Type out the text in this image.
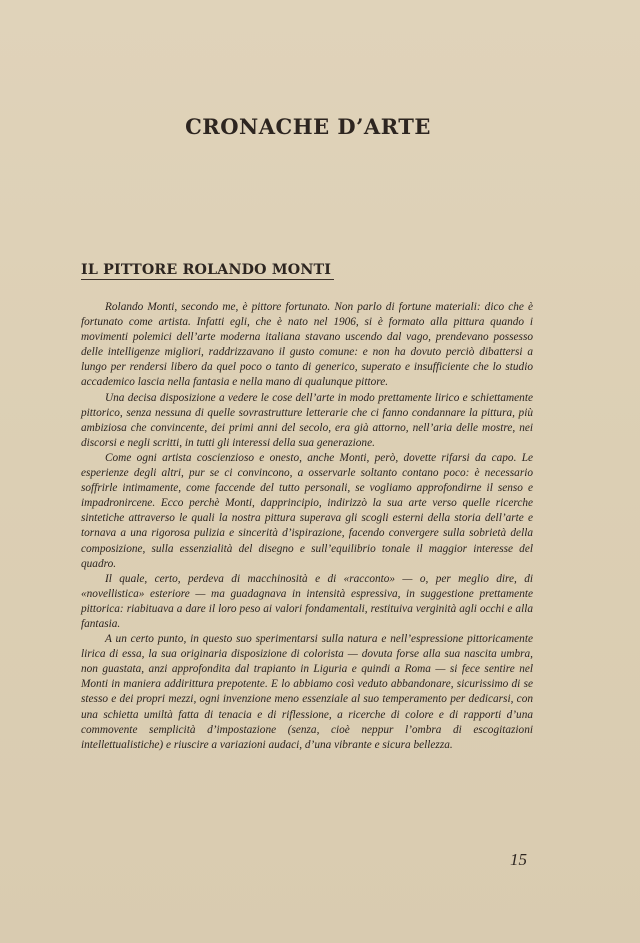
CRONACHE D’ARTE
IL PITTORE ROLANDO MONTI

Rolando Monti, secondo me, è pittore fortunato. Non parlo di fortune materiali: dico che è fortunato come artista. Infatti egli, che è nato nel 1906, si è formato alla pittura quando i movimenti polemici dell’arte moderna italiana stavano uscendo dal vago, prendevano possesso delle intelligenze migliori, raddrizzavano il gusto comune: e non ha dovuto perciò dibattersi a lungo per rendersi libero da quel poco o tanto di generico, superato e insufficiente che lo studio accademico lascia nella fantasia e nella mano di qualunque pittore.

Una decisa disposizione a vedere le cose dell’arte in modo prettamente lirico e schiettamente pittorico, senza nessuna di quelle sovrastrutture letterarie che ci fanno condannare la pittura, più ambiziosa che convincente, dei primi anni del secolo, era già attorno, nell’aria delle mostre, nei discorsi e negli scritti, in tutti gli interessi della sua generazione.

Come ogni artista coscienzioso e onesto, anche Monti, però, dovette rifarsi da capo. Le esperienze degli altri, pur se ci convincono, a osservarle soltanto contano poco: è necessario soffrirle intimamente, come faccende del tutto personali, se vogliamo approfondirne il senso e impadronircene. Ecco perchè Monti, dapprincipio, indirizzò la sua arte verso quelle ricerche sintetiche attraverso le quali la nostra pittura superava gli scogli esterni della storia dell’arte e tornava a una rigorosa pulizia e sincerità d’ispirazione, facendo convergere sulla sobrietà della composizione, sulla essenzialità del disegno e sull’equilibrio tonale il maggior interesse del quadro.

Il quale, certo, perdeva di macchinosità e di «racconto» — o, per meglio dire, di «novellistica» esteriore — ma guadagnava in intensità espressiva, in suggestione prettamente pittorica: riabituava a dare il loro peso ai valori fondamentali, restituiva verginità agli occhi e alla fantasia.

A un certo punto, in questo suo sperimentarsi sulla natura e nell’espressione pittoricamente lirica di essa, la sua originaria disposizione di colorista — dovuta forse alla sua nascita umbra, non guastata, anzi approfondita dal trapianto in Liguria e quindi a Roma — si fece sentire nel Monti in maniera addirittura prepotente. E lo abbiamo così veduto abbandonare, sicurissimo di se stesso e dei propri mezzi, ogni invenzione meno essenziale al suo temperamento per dedicarsi, con una schietta umiltà fatta di tenacia e di riflessione, a ricerche di colore e di rapporti d’una commovente semplicità d’impostazione (senza, cioè neppur l’ombra di escogitazioni intellettualistiche) e riuscire a variazioni audaci, d’una vibrante e sicura bellezza.

15
